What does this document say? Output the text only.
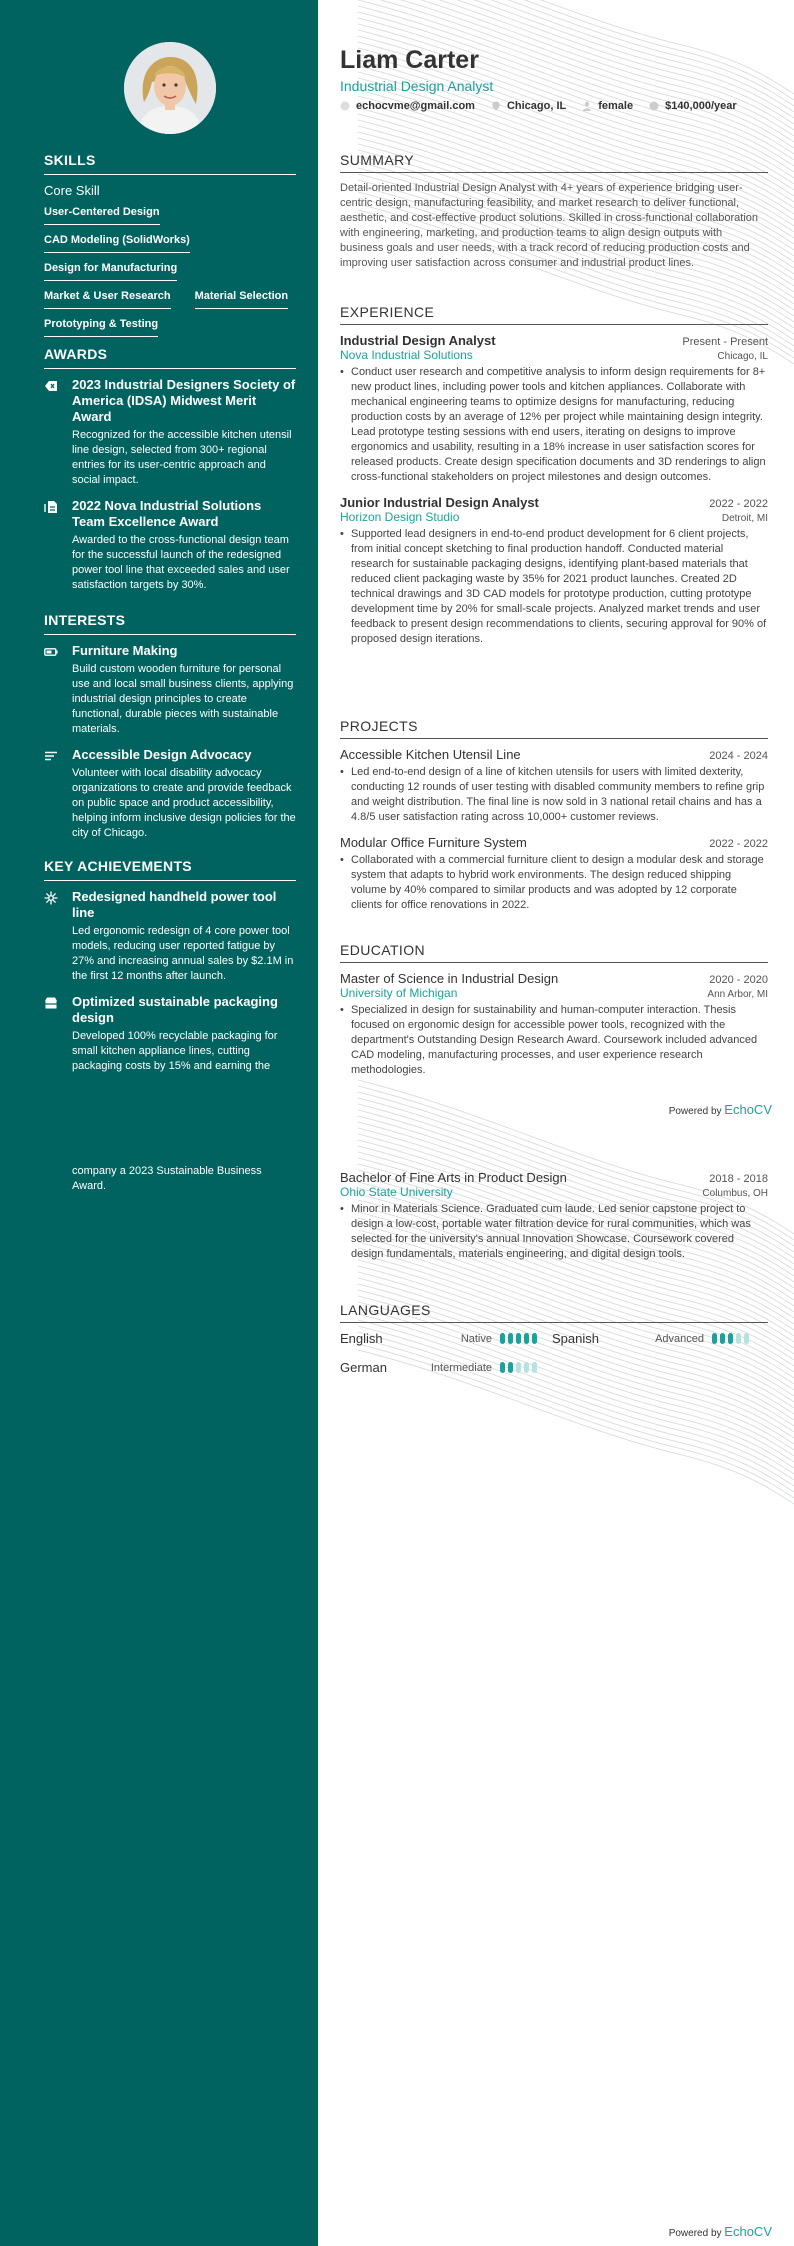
SKILLS
Core Skill
User-Centered Design
CAD Modeling (SolidWorks)
Design for Manufacturing
Market & User Research Material Selection
Prototyping & Testing
AWARDS
2023 Industrial Designers Society of America (IDSA) Midwest Merit Award
Recognized for the accessible kitchen utensil line design, selected from 300+ regional entries for its user-centric approach and social impact.
2022 Nova Industrial Solutions Team Excellence Award
Awarded to the cross-functional design team for the successful launch of the redesigned power tool line that exceeded sales and user satisfaction targets by 30%.
INTERESTS
Furniture Making
Build custom wooden furniture for personal use and local small business clients, applying industrial design principles to create functional, durable pieces with sustainable materials.
Accessible Design Advocacy
Volunteer with local disability advocacy organizations to create and provide feedback on public space and product accessibility, helping inform inclusive design policies for the city of Chicago.
KEY ACHIEVEMENTS
Redesigned handheld power tool line
Led ergonomic redesign of 4 core power tool models, reducing user reported fatigue by 27% and increasing annual sales by $2.1M in the first 12 months after launch.
Optimized sustainable packaging design
Developed 100% recyclable packaging for small kitchen appliance lines, cutting packaging costs by 15% and earning the
company a 2023 Sustainable Business Award.
Liam Carter
Industrial Design Analyst
echocvme@gmail.com	Chicago, IL	female	$140,000/year
SUMMARY
Detail-oriented Industrial Design Analyst with 4+ years of experience bridging user-centric design, manufacturing feasibility, and market research to deliver functional, aesthetic, and cost-effective product solutions. Skilled in cross-functional collaboration with engineering, marketing, and production teams to align design outputs with business goals and user needs, with a track record of reducing production costs and improving user satisfaction across consumer and industrial product lines.
EXPERIENCE
Industrial Design Analyst	Present - Present
Nova Industrial Solutions	Chicago, IL
• Conduct user research and competitive analysis to inform design requirements for 8+ new product lines, including power tools and kitchen appliances. Collaborate with mechanical engineering teams to optimize designs for manufacturing, reducing production costs by an average of 12% per project while maintaining design integrity. Lead prototype testing sessions with end users, iterating on designs to improve ergonomics and usability, resulting in a 18% increase in user satisfaction scores for released products. Create design specification documents and 3D renderings to align cross-functional stakeholders on project milestones and design outcomes.
Junior Industrial Design Analyst	2022 - 2022
Horizon Design Studio	Detroit, MI
• Supported lead designers in end-to-end product development for 6 client projects, from initial concept sketching to final production handoff. Conducted material research for sustainable packaging designs, identifying plant-based materials that reduced client packaging waste by 35% for 2021 product launches. Created 2D technical drawings and 3D CAD models for prototype production, cutting prototype development time by 20% for small-scale projects. Analyzed market trends and user feedback to present design recommendations to clients, securing approval for 90% of proposed design iterations.
PROJECTS
Accessible Kitchen Utensil Line	2024 - 2024
• Led end-to-end design of a line of kitchen utensils for users with limited dexterity, conducting 12 rounds of user testing with disabled community members to refine grip and weight distribution. The final line is now sold in 3 national retail chains and has a 4.8/5 user satisfaction rating across 10,000+ customer reviews.
Modular Office Furniture System	2022 - 2022
• Collaborated with a commercial furniture client to design a modular desk and storage system that adapts to hybrid work environments. The design reduced shipping volume by 40% compared to similar products and was adopted by 12 corporate clients for office renovations in 2022.
EDUCATION
Master of Science in Industrial Design	2020 - 2020
University of Michigan	Ann Arbor, MI
• Specialized in design for sustainability and human-computer interaction. Thesis focused on ergonomic design for accessible power tools, recognized with the department's Outstanding Design Research Award. Coursework included advanced CAD modeling, manufacturing processes, and user experience research methodologies.
Powered by EchoCV
Bachelor of Fine Arts in Product Design	2018 - 2018
Ohio State University	Columbus, OH
• Minor in Materials Science. Graduated cum laude. Led senior capstone project to design a low-cost, portable water filtration device for rural communities, which was selected for the university's annual Innovation Showcase. Coursework covered design fundamentals, materials engineering, and digital design tools.
LANGUAGES
English	Native	Spanish	Advanced
German	Intermediate
Powered by EchoCV
